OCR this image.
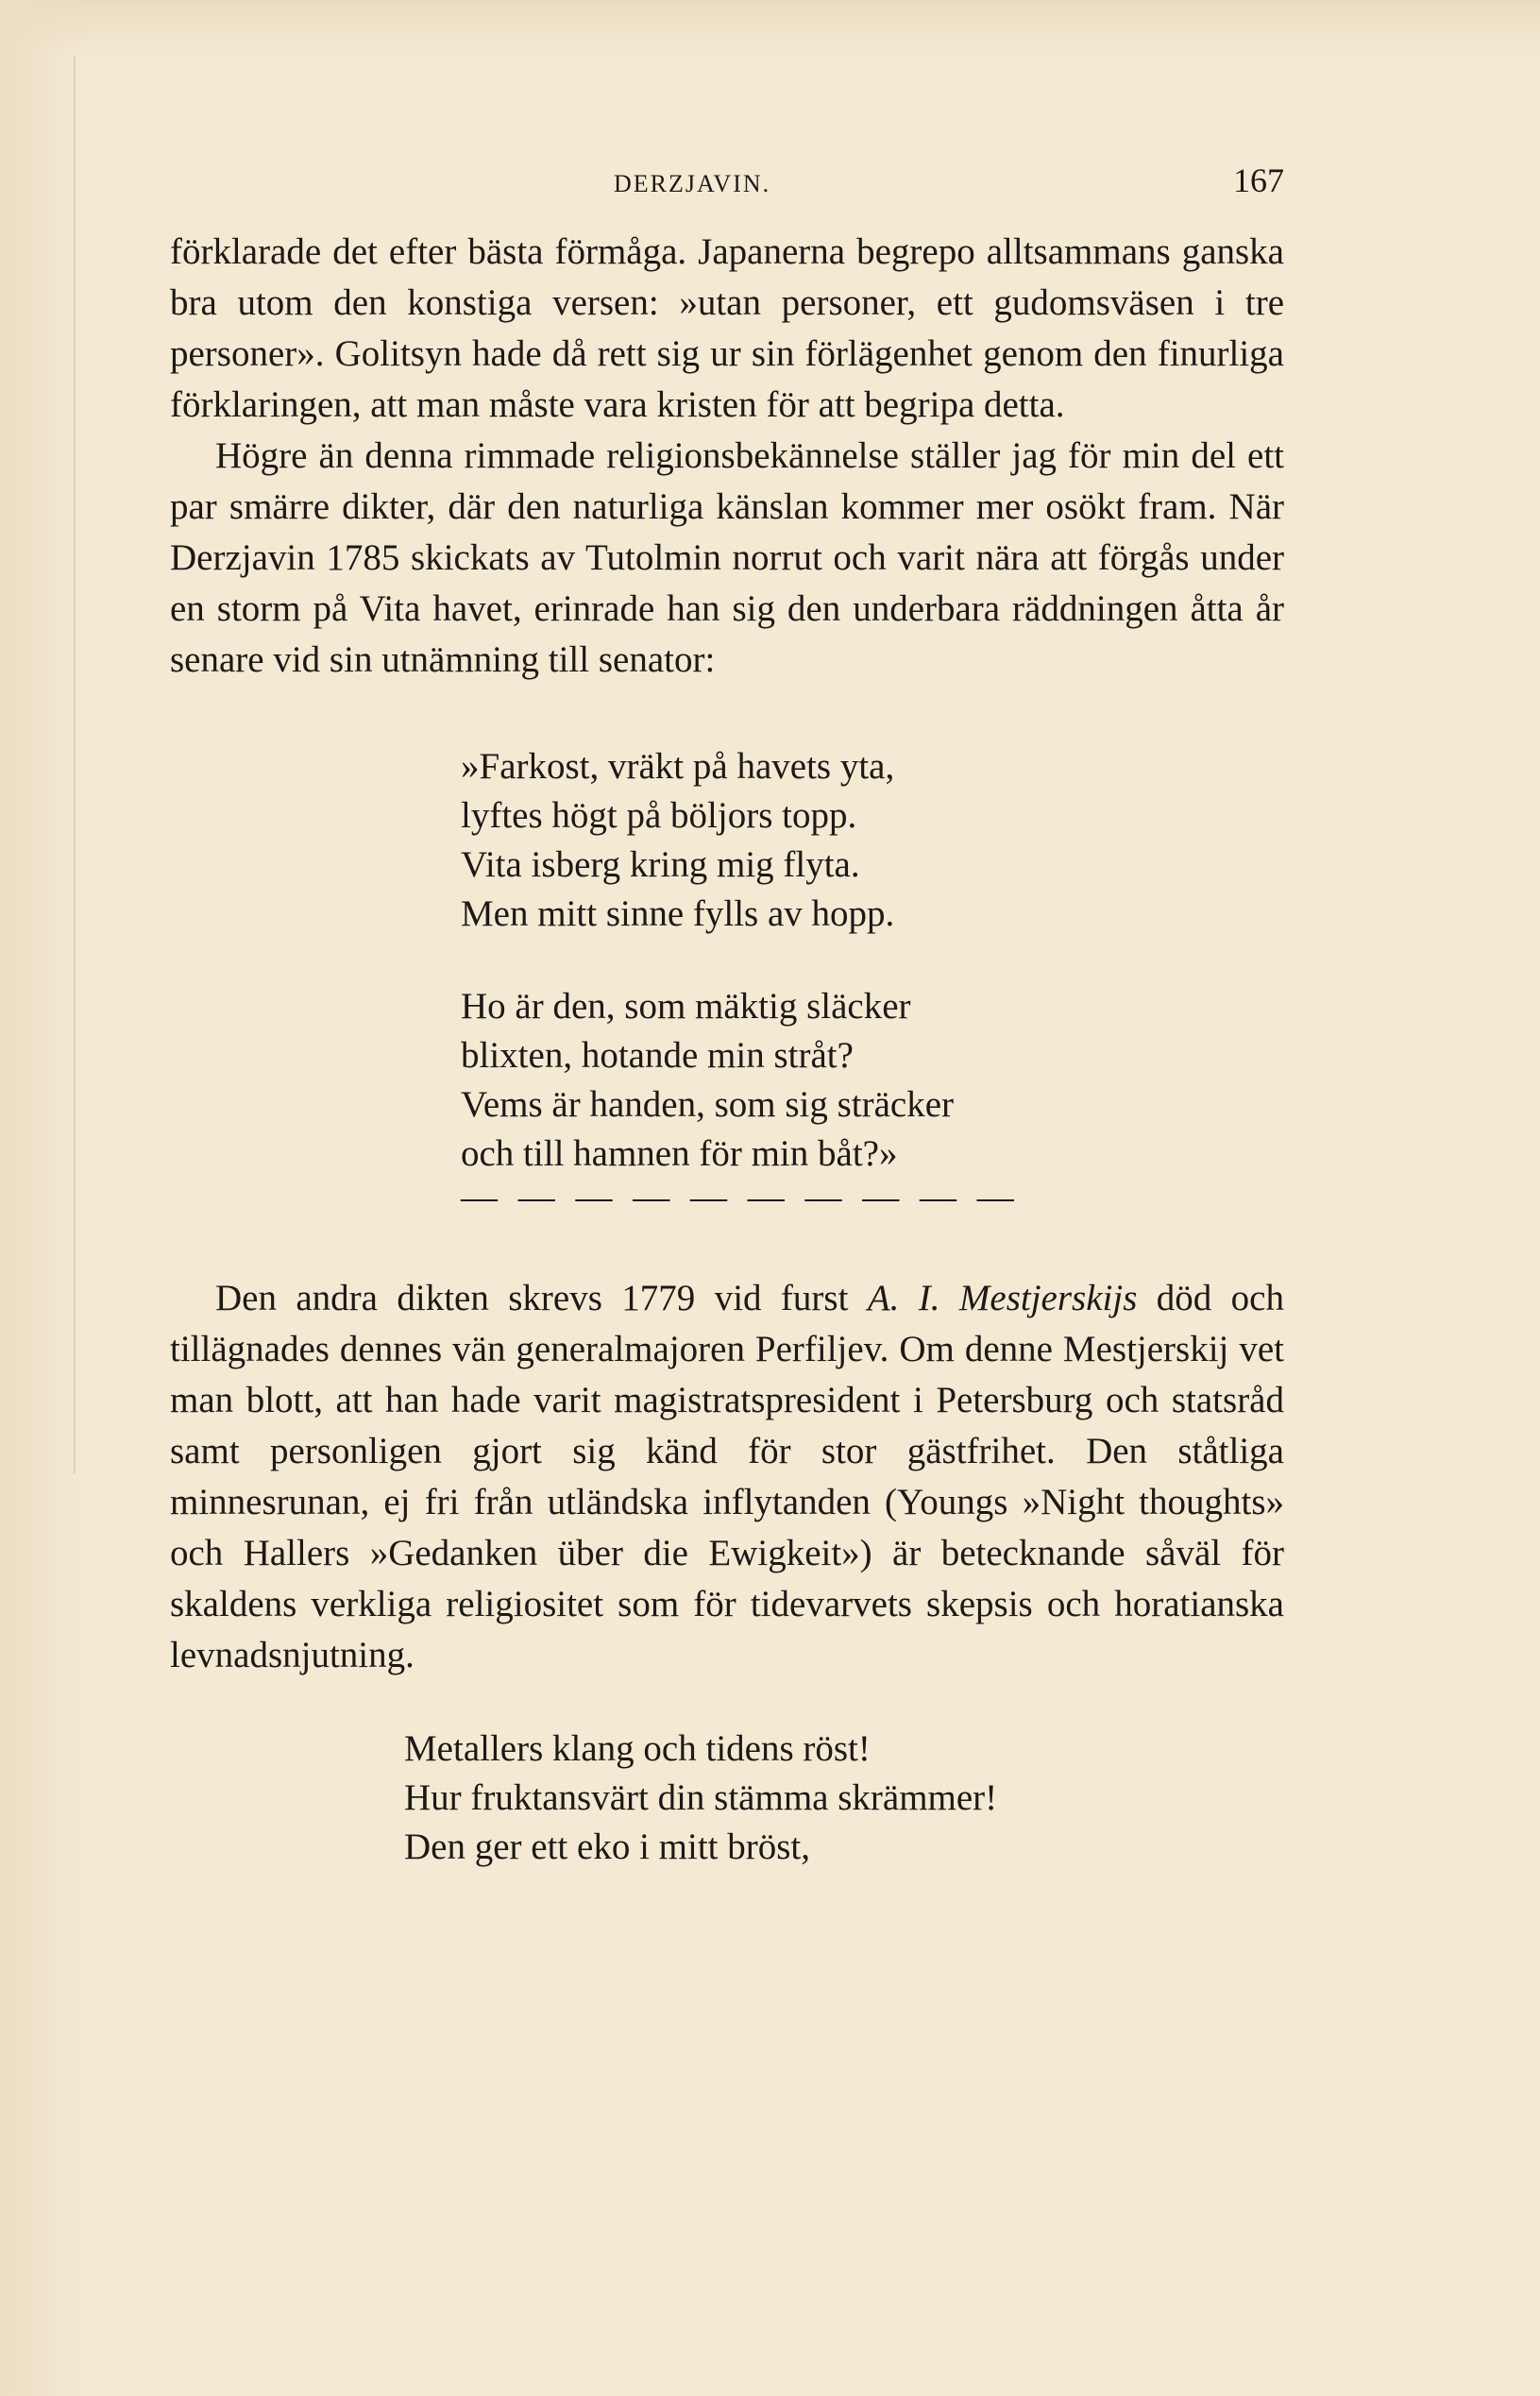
DERZJAVIN.	167

förklarade det efter bästa förmåga. Japanerna begrepo alltsammans ganska bra utom den konstiga versen: »utan personer, ett gudomsväsen i tre personer». Golitsyn hade då rett sig ur sin förlägenhet genom den finurliga förklaringen, att man måste vara kristen för att begripa detta.

Högre än denna rimmade religionsbekännelse ställer jag för min del ett par smärre dikter, där den naturliga känslan kommer mer osökt fram. När Derzjavin 1785 skickats av Tutolmin norrut och varit nära att förgås under en storm på Vita havet, erinrade han sig den underbara räddningen åtta år senare vid sin utnämning till senator:

»Farkost, vräkt på havets yta,
lyftes högt på böljors topp.
Vita isberg kring mig flyta.
Men mitt sinne fylls av hopp.
Ho är den, som mäktig släcker
blixten, hotande min stråt?
Vems är handen, som sig sträcker
och till hamnen för min båt?»
— — — — — — — — — —

Den andra dikten skrevs 1779 vid furst A. I. Mestjerskijs död och tillägnades dennes vän generalmajoren Perfiljev. Om denne Mestjerskij vet man blott, att han hade varit magistratspresident i Petersburg och statsråd samt personligen gjort sig känd för stor gästfrihet. Den ståtliga minnesrunan, ej fri från utländska inflytanden (Youngs »Night thoughts» och Hallers »Gedanken über die Ewigkeit») är betecknande såväl för skaldens verkliga religiositet som för tidevarvets skepsis och horatianska levnadsnjutning.

Metallers klang och tidens röst!
Hur fruktansvärt din stämma skrämmer!
Den ger ett eko i mitt bröst,
